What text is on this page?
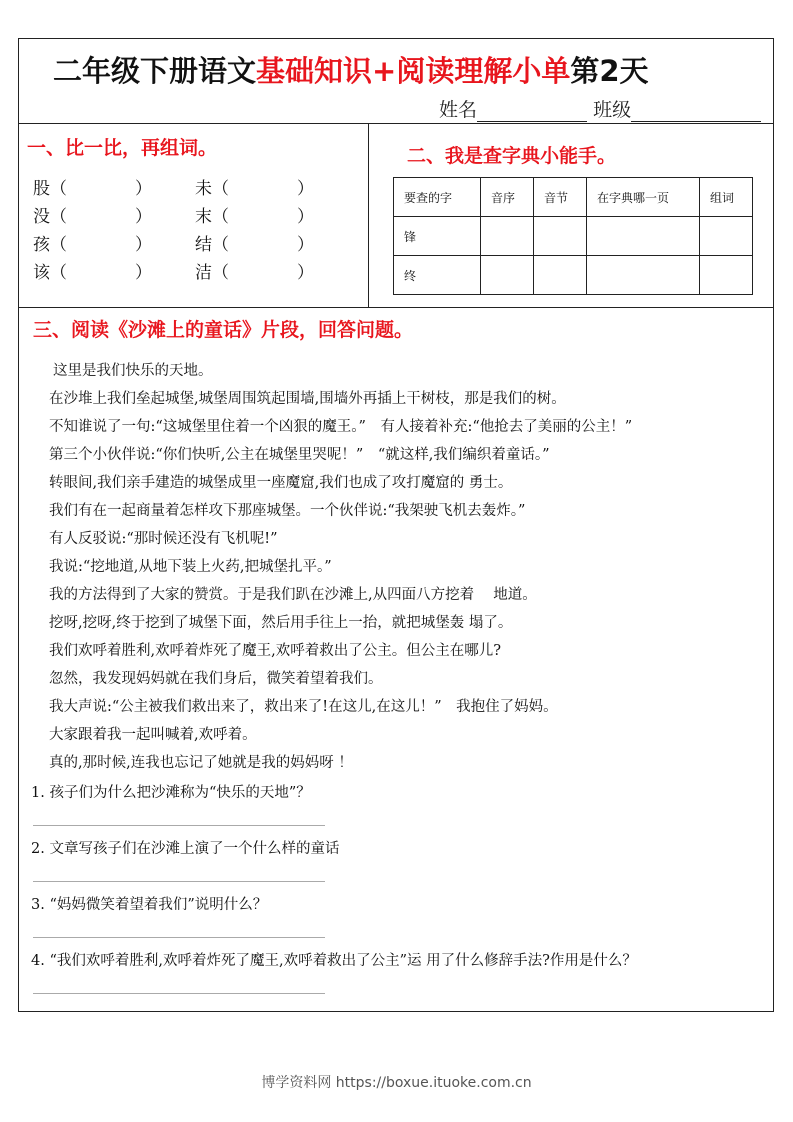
二年级下册语文基础知识+阅读理解小单第2天
姓名	班级
一、比一比，再组词。
股（　　　　）	未（　　　　）
没（　　　　）	末（　　　　）
孩（　　　　）	结（　　　　）
该（　　　　）	洁（　　　　）
二、我是查字典小能手。
要查的字	音序	音节	在字典哪一页	组词
锋				
终				
三、阅读《沙滩上的童话》片段，回答问题。

这里是我们快乐的天地。

在沙堆上我们垒起城堡,城堡周围筑起围墙,围墙外再插上干树枝，那是我们的树。

不知谁说了一句:“这城堡里住着一个凶狠的魔王。”　有人接着补充:“他抢去了美丽的公主！”

第三个小伙伴说:“你们快听,公主在城堡里哭呢！”　“就这样,我们编织着童话。”

转眼间,我们亲手建造的城堡成里一座魔窟,我们也成了攻打魔窟的 勇士。

我们有在一起商量着怎样攻下那座城堡。一个伙伴说:“我架驶飞机去轰炸。”

有人反驳说:“那时候还没有飞机呢!”

我说:“挖地道,从地下装上火药,把城堡扎平。”

我的方法得到了大家的赞赏。于是我们趴在沙滩上,从四面八方挖着　 地道。

挖呀,挖呀,终于挖到了城堡下面，然后用手往上一抬，就把城堡轰 塌了。

我们欢呼着胜利,欢呼着炸死了魔王,欢呼着救出了公主。但公主在哪儿?

忽然，我发现妈妈就在我们身后，微笑着望着我们。

我大声说:“公主被我们救出来了，救出来了!在这儿,在这儿！”　我抱住了妈妈。

大家跟着我一起叫喊着,欢呼着。

真的,那时候,连我也忘记了她就是我的妈妈呀 ！

1. 孩子们为什么把沙滩称为“快乐的天地”？
2. 文章写孩子们在沙滩上演了一个什么样的童话
3. “妈妈微笑着望着我们”说明什么？
4. “我们欢呼着胜利,欢呼着炸死了魔王,欢呼着救出了公主”运 用了什么修辞手法?作用是什么？
博学资料网 https://boxue.ituoke.com.cn
